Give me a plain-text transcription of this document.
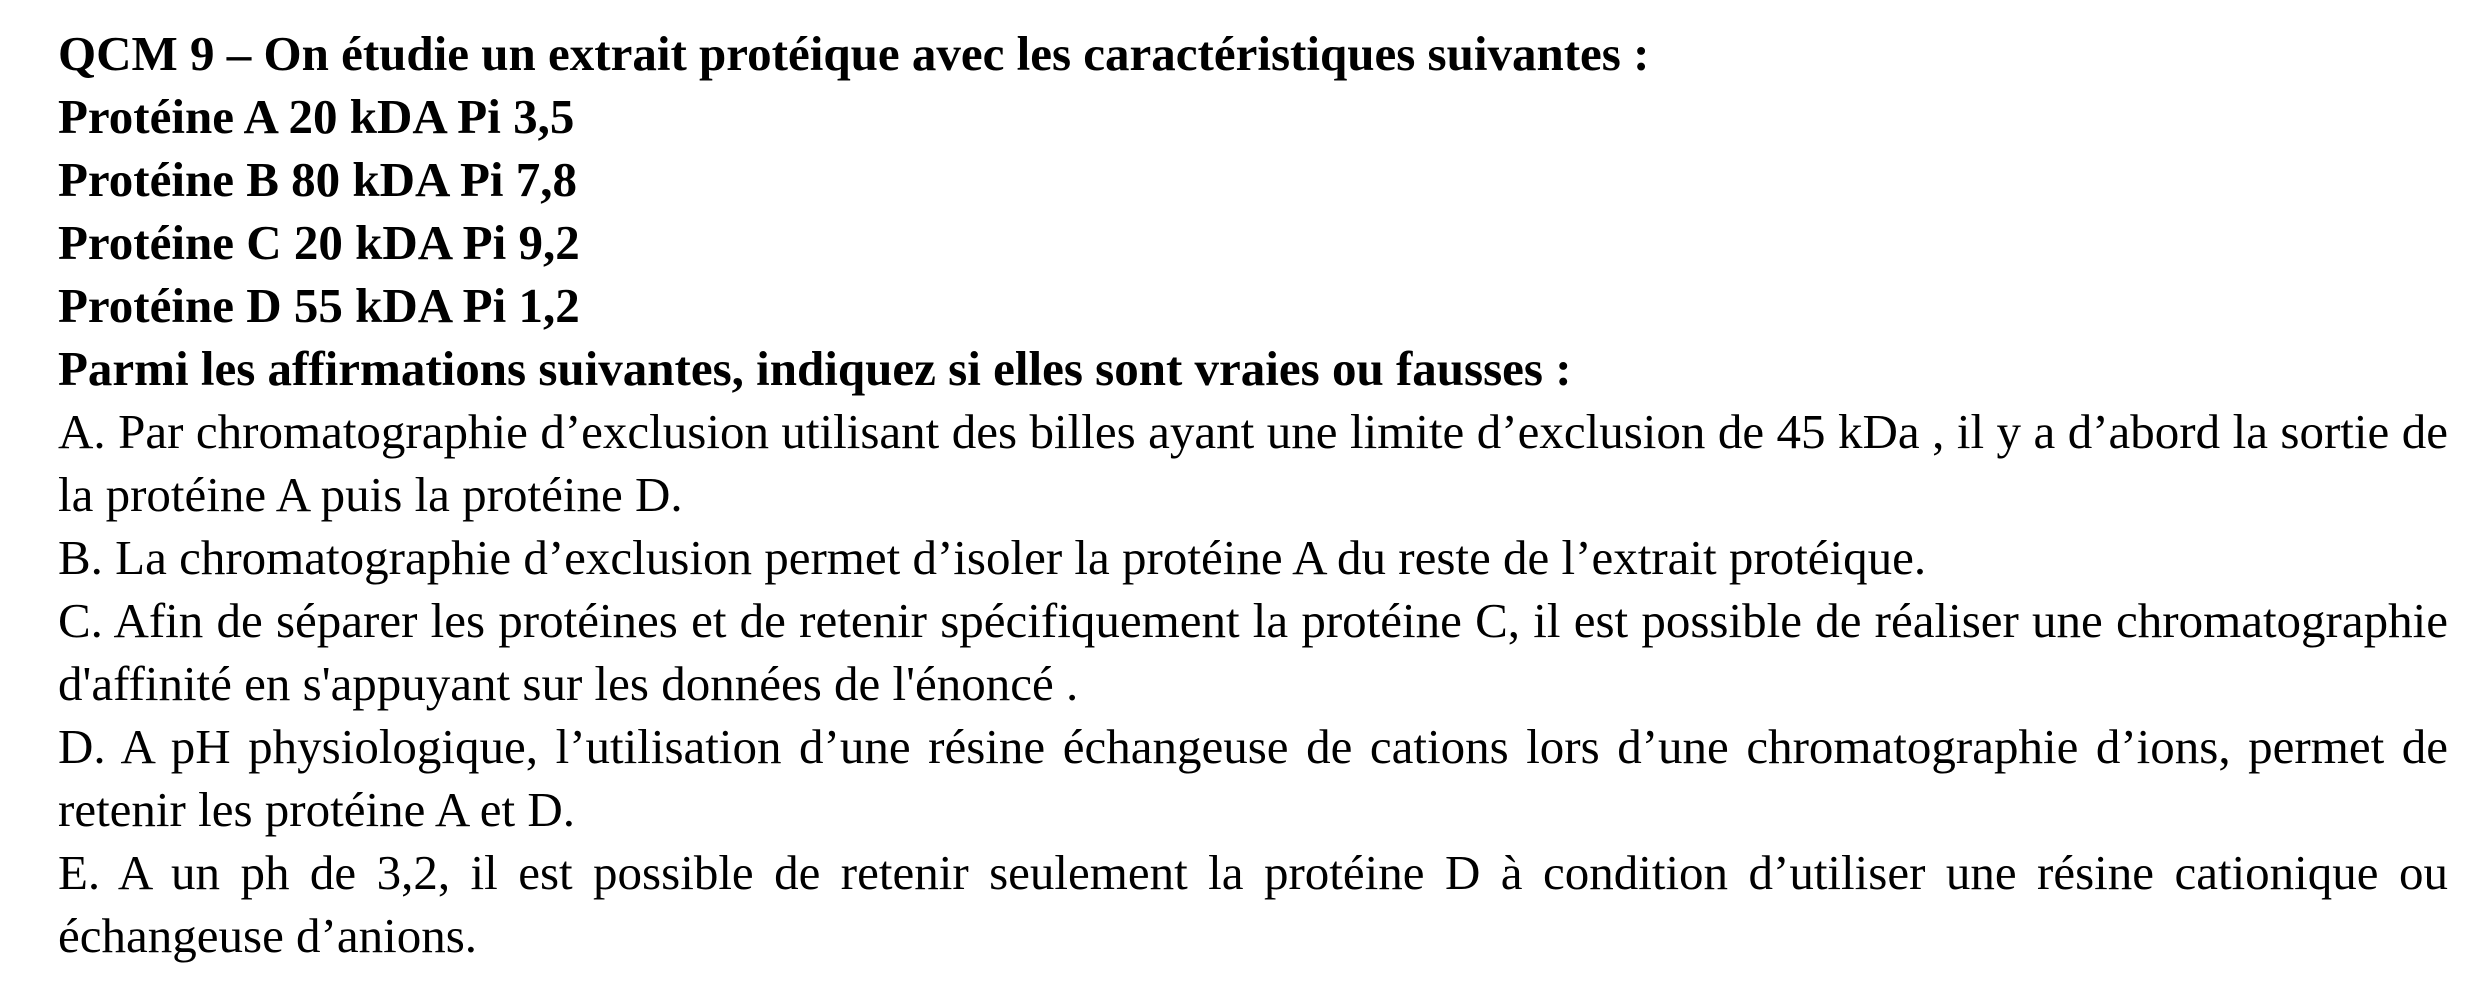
QCM 9 – On étudie un extrait protéique avec les caractéristiques suivantes :
Protéine A 20 kDA Pi 3,5
Protéine B 80 kDA Pi 7,8
Protéine C 20 kDA Pi 9,2
Protéine D 55 kDA Pi 1,2
Parmi les affirmations suivantes, indiquez si elles sont vraies ou fausses :
A. Par chromatographie d’exclusion utilisant des billes ayant une limite d’exclusion de 45 kDa , il y a d’abord la sortie de la protéine A puis la protéine D.
B. La chromatographie d’exclusion permet d’isoler la protéine A du reste de l’extrait protéique.
C. Afin de séparer les protéines et de retenir spécifiquement la protéine C, il est possible de réaliser une chromatographie d'affinité en s'appuyant sur les données de l'énoncé .
D. A pH physiologique, l’utilisation d’une résine échangeuse de cations lors d’une chromatographie d’ions, permet de retenir les protéine A et D.
E. A un ph de 3,2, il est possible de retenir seulement la protéine D à condition d’utiliser une résine cationique ou échangeuse d’anions.
